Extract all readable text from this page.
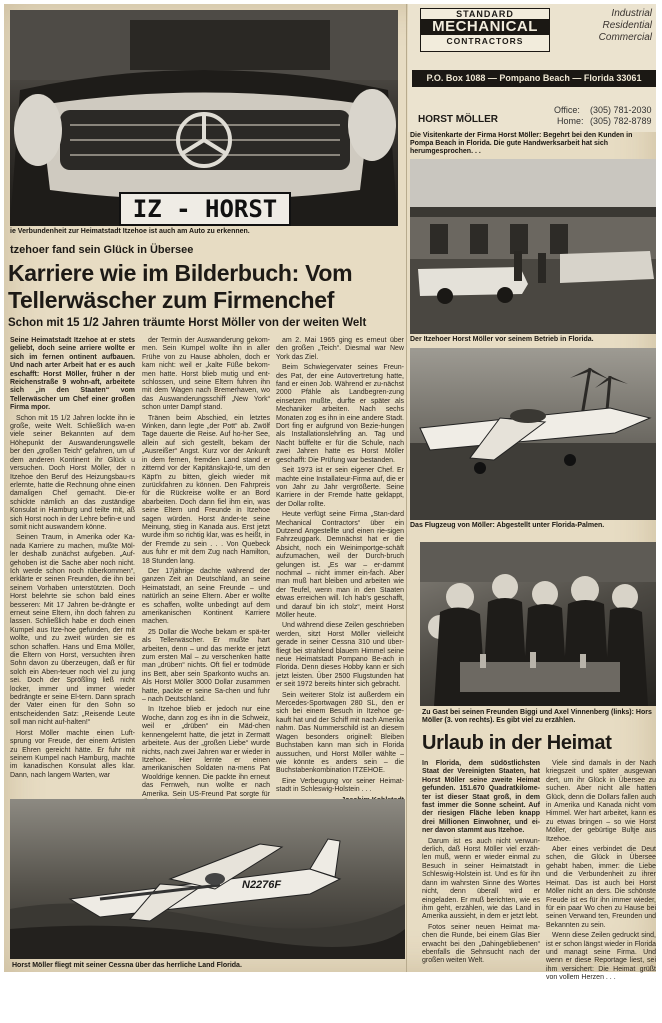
IZ - HORST
ie Verbundenheit zur Heimatstadt Itzehoe ist auch am Auto zu erkennen.
tzehoer fand sein Glück in Übersee
Karriere wie im Bilderbuch: Vom
Tellerwäscher zum Firmenchef
Schon mit 15 1/2 Jahren träumte Horst Möller von der weiten Welt

Seine Heimatstadt Itzehoe at er stets geliebt, doch seine arriere wollte er sich im fernen ontinent aufbauen. Und nach arter Arbeit hat er es auch eschafft: Horst Möller, früher n der Reichenstraße 9 wohn-aft, arbeitete sich „in den Staaten“ vom Tellerwäscher um Chef einer großen Firma mpor.

Schon mit 15 1/2 Jahren lockte ihn ie große, weite Welt. Schließlich wa-en viele seiner Bekannten auf dem Höhepunkt der Auswanderungswelle ber den „großen Teich“ gefahren, um uf dem anderen Kontinent ihr Glück u versuchen. Doch Horst Möller, der n Itzehoe den Beruf des Heizungsbau-rs erlernte, hatte die Rechnung ohne einen damaligen Chef gemacht. Die-er schickte nämlich an das zuständige Konsulat in Hamburg und teilte mit, aß sich Horst noch in der Lehre befin-e und somit nicht auswandern könne.

Seinen Traum, in Amerika oder Ka-nada Karriere zu machen, mußte Möl-ler deshalb zunächst aufgeben. „Auf-gehoben ist die Sache aber noch nicht. Ich werde schon noch rüberkommen“, erklärte er seinen Freunden, die ihn bei seinem Vorhaben unterstützten. Doch Horst belehrte sie schon bald eines besseren: Mit 17 Jahren be-drängte er erneut seine Eltern, ihn doch fahren zu lassen. Schließlich habe er doch einen Kumpel aus Itze-hoe gefunden, der mit wollte, und zu zweit würden sie es schon schaffen. Hans und Erna Möller, die Eltern von Horst, versuchten ihren Sohn davon zu überzeugen, daß er für solch ein Aben-teuer noch viel zu jung sei. Doch der Sprößling ließ nicht locker, immer und immer wieder bedrängte er seine El-tern. Dann sprach der Vater einen für den Sohn so entscheidenden Satz: „Reisende Leute soll man nicht auf-halten!“

Horst Möller machte einen Luft-sprung vor Freude, der einem Artisten zu Ehren gereicht hätte. Er fuhr mit seinem Kumpel nach Hamburg, machte im kanadischen Konsulat alles klar. Dann, nach langem Warten, war

der Termin der Auswanderung gekom-men. Sein Kumpel wollte ihn in aller Frühe von zu Hause abholen, doch er kam nicht: weil er „kalte Füße bekom-men hatte. Horst blieb mutig und ent-schlossen, und seine Eltern fuhren ihn mit dem Wagen nach Bremerhaven, wo das Auswanderungsschiff „New York“ schon unter Dampf stand.

Tränen beim Abschied, ein letztes Winken, dann legte „der Pott“ ab. Zwölf Tage dauerte die Reise. Auf ho-her See, allein auf sich gestellt, bekam der „Ausreißer“ Angst. Kurz vor der Ankunft in dem fernen, fremden Land stand er zitternd vor der Kapitänskajü-te, um den Käpt'n zu bitten, gleich wieder mit zurückfahren zu können. Den Fahrpreis für die Rückreise wollte er an Bord abarbeiten. Doch dann fiel ihm ein, was seine Eltern und Freunde in Itzehoe sagen würden. Horst änder-te seine Meinung, stieg in Kanada aus. Erst jetzt wurde ihm so richtig klar, was es heißt, in der Fremde zu sein . . . Von Quebeck aus fuhr er mit dem Zug nach Hamilton, 18 Stunden lang.

Der 17jährige dachte während der ganzen Zeit an Deutschland, an seine Heimatstadt, an seine Freunde – und natürlich an seine Eltern. Aber er wollte es schaffen, wollte unbedingt auf dem amerikanischen Kontinent Karriere machen.

25 Dollar die Woche bekam er spä-ter als Tellerwäscher. Er mußte hart arbeiten, denn – und das merkte er jetzt zum ersten Mal – zu verschenken hatte man „drüben“ nichts. Oft fiel er todmüde ins Bett, aber sein Sparkonto wuchs an. Als Horst Möller 3000 Dollar zusammen hatte, packte er seine Sa-chen und fuhr – nach Deutschland.

In Itzehoe blieb er jedoch nur eine Woche, dann zog es ihn in die Schweiz, weil er „drüben“ ein Mäd-chen kennengelernt hatte, die jetzt in Zermatt arbeitete. Aus der „großen Liebe“ wurde nichts, nach zwei Jahren war er wieder in Itzehoe. Hier lernte er einen amerikanischen Soldaten na-mens Pat Wooldrige kennen. Die packte ihn erneut das Fernweh, nun wollte er nach Amerika. Sein US-Freund Pat sorgte für

am 2. Mai 1965 ging es erneut über den großen „Teich“. Diesmal war New York das Ziel.

Beim Schwiegervater seines Freun-des Pat, der eine Autovertretung hatte, fand er einen Job. Während er zu-nächst 2000 Pfähle als Landbegren-zung einsetzen mußte, durfte er später als Mechaniker arbeiten. Nach sechs Monaten zog es ihn in eine andere Stadt. Dort fing er aufgrund von Bezie-hungen als Installationslehrling an. Tag und Nacht büffelte er für die Schule, nach zwei Jahren hatte es Horst Möller geschafft: Die Prüfung war bestanden.

Seit 1973 ist er sein eigener Chef. Er machte eine Installateur-Firma auf, die er von Jahr zu Jahr vergrößerte. Seine Karriere in der Fremde hatte geklappt, der Dollar rollte.

Heute verfügt seine Firma „Stan-dard Mechanical Contractors“ über ein Dutzend Angestellte und einen rie-sigen Fahrzeugpark. Demnächst hat er die Absicht, noch ein Weinimportge-schäft aufzumachen, weil der Durch-bruch gelungen ist. „Es war – er-dammt nochmal – nicht immer ein-fach. Aber man muß hart bleiben und arbeiten wie der Teufel, wenn man in den Staaten etwas erreichen will. Ich hab's geschafft, und darauf bin ich stolz“, meint Horst Möller heute.

Und während diese Zeilen geschrieben werden, sitzt Horst Möller vielleicht gerade in seiner Cessna 310 und über-fliegt bei strahlend blauem Himmel seine neue Heimatstadt Pompano Be-ach in Florida. Denn dieses Hobby kann er sich jetzt leisten. Über 2500 Flugstunden hat er seit 1972 bereits hinter sich gebracht.

Sein weiterer Stolz ist außerdem ein Mercedes-Sportwagen 280 SL, den er sich bei einem Besuch in Itzehoe ge-kauft hat und der Schiff mit nach Amerika nahm. Das Nummerschild ist an diesem Wagen besonders originell: Bleiben Buchstaben kann man sich in Florida aussuchen, und Horst Möller wählte – wie könnte es anders sein – die Buchstabenkombination ITZEHOE.

Eine Verbeugung vor seiner Heimat-stadt in Schleswig-Holstein . . .

N2276F
Horst Möller fliegt mit seiner Cessna über das herrliche Land Florida.
STANDARD
MECHANICAL
CONTRACTORS
Industrial
Residential
Commercial
P.O. Box 1088 — Pompano Beach — Florida 33061
HORST MÖLLER
Office: (305) 781-2030
Home: (305) 782-8789
Die Visitenkarte der Firma Horst Möller: Begehrt bei den Kunden in Pompa Beach in Florida. Die gute Handwerksarbeit hat sich herumgesprochen. . .
Der Itzehoer Horst Möller vor seinem Betrieb in Florida.
Das Flugzeug von Möller: Abgestellt unter Florida-Palmen.
Zu Gast bei seinen Freunden Biggi und Axel Vinnenberg (links): Hors Möller (3. von rechts). Es gibt viel zu erzählen.
Urlaub in der Heimat

In Florida, dem südöstlichsten Staat der Vereinigten Staaten, hat Horst Möller seine zweite Heimat gefunden. 151.670 Quadratkilome-ter ist dieser Staat groß, in dem fast immer die Sonne scheint. Auf der riesigen Fläche leben knapp drei Millionen Einwohner, und ei-ner davon stammt aus Itzehoe.

Darum ist es auch nicht verwun-derlich, daß Horst Möller viel erzäh-len muß, wenn er wieder einmal zu Besuch in seiner Heimatstadt in Schleswig-Holstein ist. Und es für ihn dann im wahrsten Sinne des Wortes nicht, denn überall wird er eingeladen. Er muß berichten, wie es ihm geht, erzählen, wie das Land in Amerika aussieht, in dem er jetzt lebt.

Fotos seiner neuen Heimat ma-chen die Runde, bei einem Glas Bier erwacht bei den „Dahingebliebenen“ ebenfalls die Sehnsucht nach der großen weiten Welt.

Viele sind damals in der Nach kriegszeit und später ausgewan dert, um ihr Glück in Übersee zu suchen. Aber nicht alle hatten Glück, denn die Dollars fallen auch in Amerika und Kanada nicht vom Himmel. Wer hart arbeitet, kann es zu etwas bringen – so wie Horst Möller, der gebürtige Bultje aus Itzehoe.

Aber eines verbindet die Deut schen, die Glück in Übersee gehabt haben, immer: die Liebe und die Verbundenheit zu ihrer Heimat. Das ist auch bei Horst Möller nicht an ders. Die schönste Freude ist es für ihn immer wieder, für ein paar Wo chen zu Hause bei seinen Verwand ten, Freunden und Bekannten zu sein.

Wenn diese Zeilen gedruckt sind, ist er schon längst wieder in Florida und managt seine Firma. Und wenn er diese Reportage liest, sei ihm versichert: Die Heimat grüßt von vollem Herzen . . .
